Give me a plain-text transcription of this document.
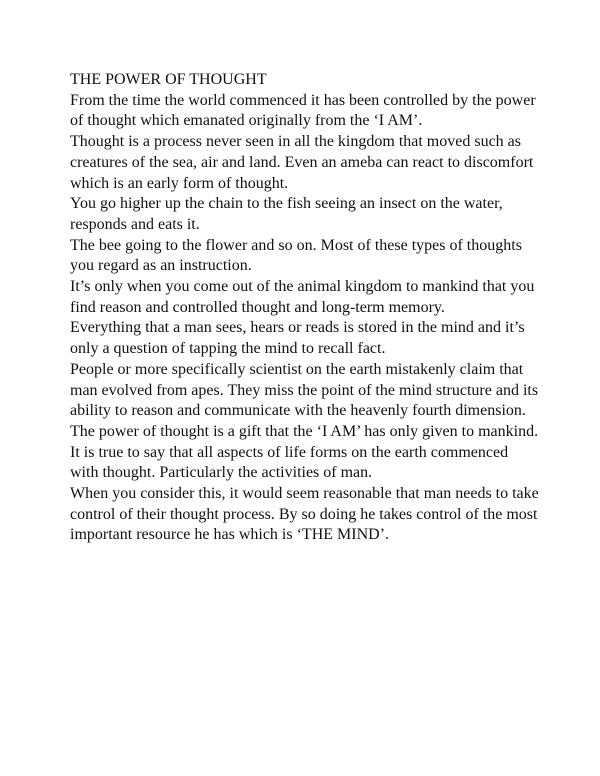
THE POWER OF THOUGHT

From the time the world commenced it has been controlled by the power of thought which emanated originally from the ‘I AM’.

Thought is a process never seen in all the kingdom that moved such as creatures of the sea, air and land. Even an ameba can react to discomfort which is an early form of thought.

You go higher up the chain to the fish seeing an insect on the water, responds and eats it.

The bee going to the flower and so on. Most of these types of thoughts you regard as an instruction.

It’s only when you come out of the animal kingdom to mankind that you find reason and controlled thought and long-term memory.

Everything that a man sees, hears or reads is stored in the mind and it’s only a question of tapping the mind to recall fact.

People or more specifically scientist on the earth mistakenly claim that man evolved from apes. They miss the point of the mind structure and its ability to reason and communicate with the heavenly fourth dimension.

The power of thought is a gift that the ‘I AM’ has only given to mankind. It is true to say that all aspects of life forms on the earth commenced with thought. Particularly the activities of man.

When you consider this, it would seem reasonable that man needs to take control of their thought process. By so doing he takes control of the most important resource he has which is ‘THE MIND’.
